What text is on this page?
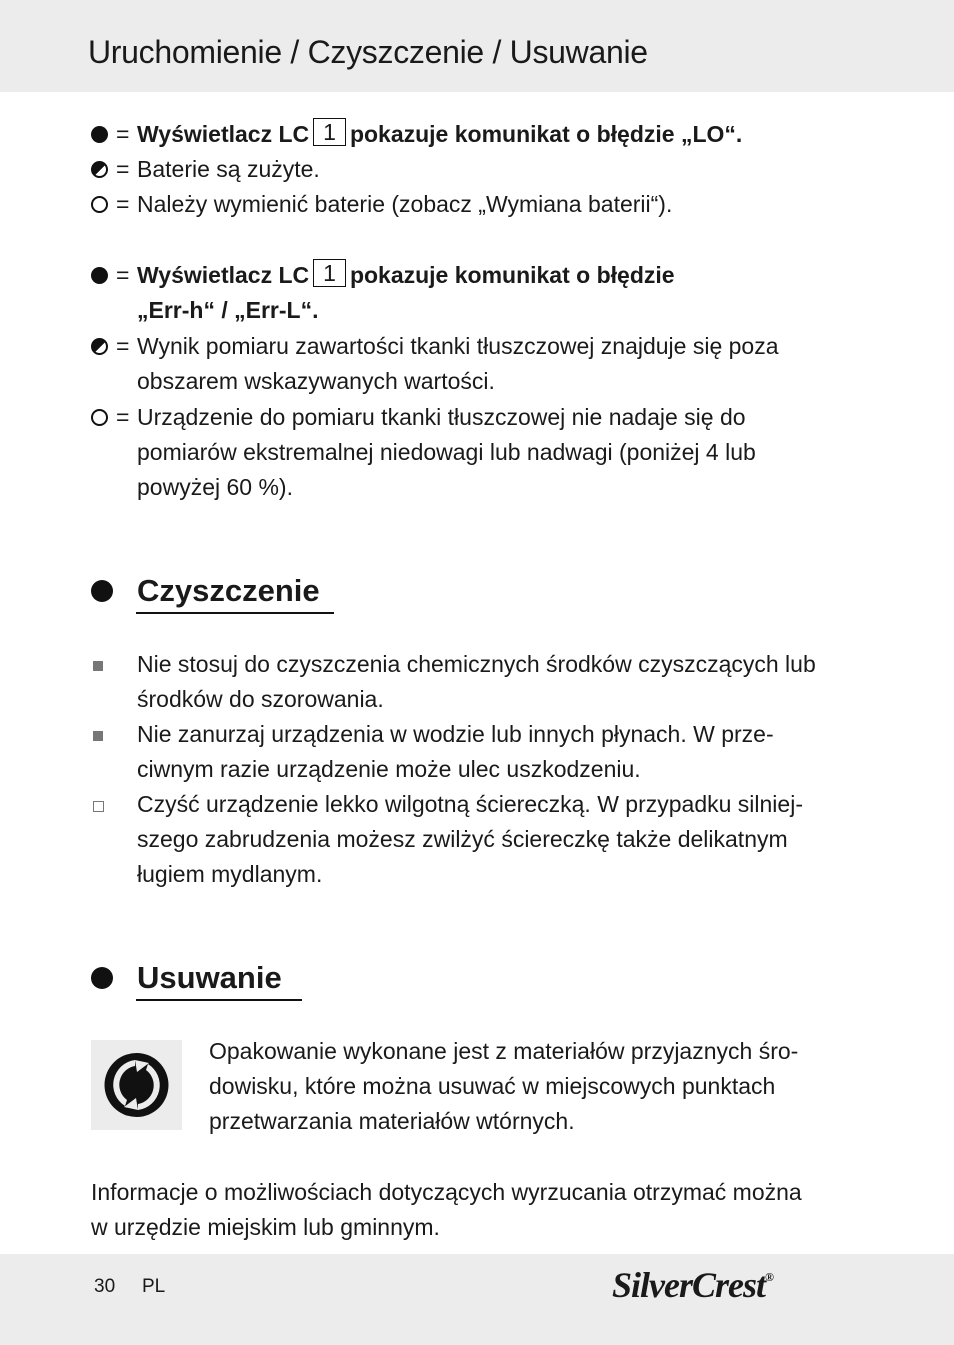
Uruchomienie / Czyszczenie / Usuwanie
= Wyświetlacz LC 1 pokazuje komunikat o błędzie „LO“.
= Baterie są zużyte.
= Należy wymienić baterie (zobacz „Wymiana baterii“).
= Wyświetlacz LC 1 pokazuje komunikat o błędzie
„Err-h“ / „Err-L“.
= Wynik pomiaru zawartości tkanki tłuszczowej znajduje się poza
obszarem wskazywanych wartości.
= Urządzenie do pomiaru tkanki tłuszczowej nie nadaje się do
pomiarów ekstremalnej niedowagi lub nadwagi (poniżej 4 lub
powyżej 60 %).
Czyszczenie
Nie stosuj do czyszczenia chemicznych środków czyszczących lub
środków do szorowania.
Nie zanurzaj urządzenia w wodzie lub innych płynach. W prze-
ciwnym razie urządzenie może ulec uszkodzeniu.
Czyść urządzenie lekko wilgotną ściereczką. W przypadku silniej-
szego zabrudzenia możesz zwilżyć ściereczkę także delikatnym
ługiem mydlanym.
Usuwanie
Opakowanie wykonane jest z materiałów przyjaznych śro-
dowisku, które można usuwać w miejscowych punktach
przetwarzania materiałów wtórnych.
Informacje o możliwościach dotyczących wyrzucania otrzymać można
w urzędzie miejskim lub gminnym.
30 PL	SilverCrest®
